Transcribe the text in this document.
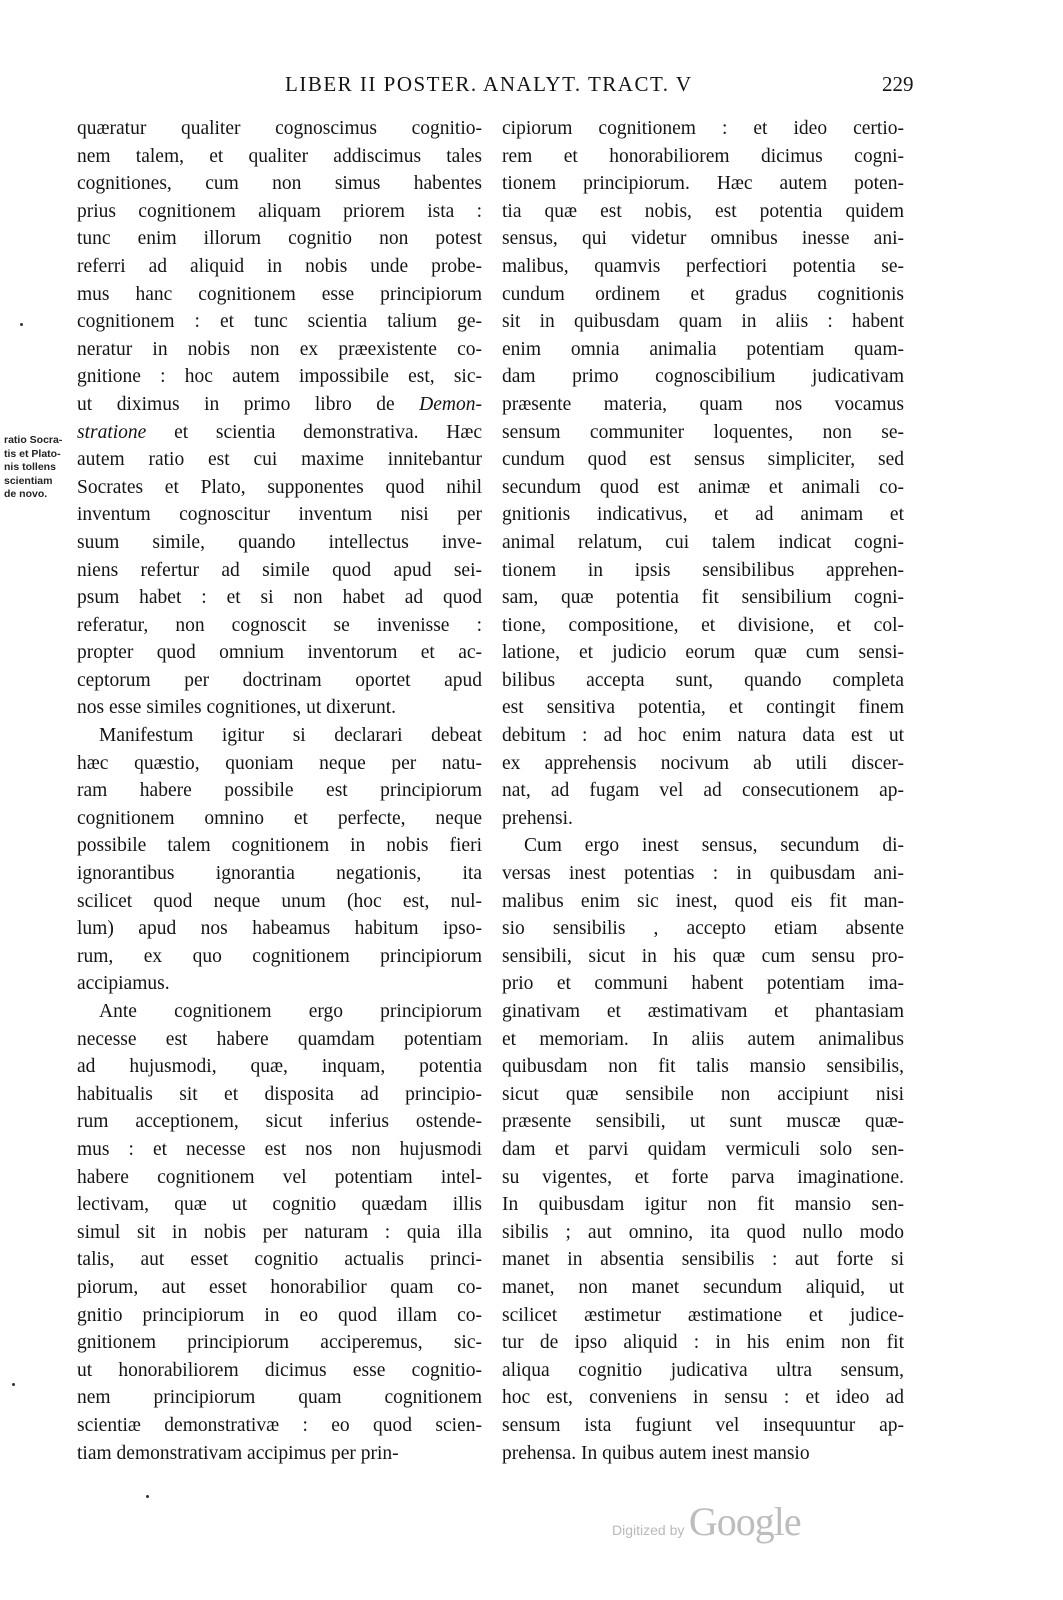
LIBER II POSTER. ANALYT. TRACT. V	229
ratio Socra-
tis et Plato-
nis tollens
scientiam
de novo.
quæratur qualiter cognoscimus cognitio-
nem talem, et qualiter addiscimus tales
cognitiones, cum non simus habentes
prius cognitionem aliquam priorem ista :
tunc enim illorum cognitio non potest
referri ad aliquid in nobis unde probe-
mus hanc cognitionem esse principiorum
cognitionem : et tunc scientia talium ge-
neratur in nobis non ex præexistente co-
gnitione : hoc autem impossibile est, sic-
ut diximus in primo libro de Demon-
stratione et scientia demonstrativa. Hæc
autem ratio est cui maxime innitebantur
Socrates et Plato, supponentes quod nihil
inventum cognoscitur inventum nisi per
suum simile, quando intellectus inve-
niens refertur ad simile quod apud sei-
psum habet : et si non habet ad quod
referatur, non cognoscit se invenisse :
propter quod omnium inventorum et ac-
ceptorum per doctrinam oportet apud
nos esse similes cognitiones, ut dixerunt.
Manifestum igitur si declarari debeat
hæc quæstio, quoniam neque per natu-
ram habere possibile est principiorum
cognitionem omnino et perfecte, neque
possibile talem cognitionem in nobis fieri
ignorantibus ignorantia negationis, ita
scilicet quod neque unum (hoc est, nul-
lum) apud nos habeamus habitum ipso-
rum, ex quo cognitionem principiorum
accipiamus.
Ante cognitionem ergo principiorum
necesse est habere quamdam potentiam
ad hujusmodi, quæ, inquam, potentia
habitualis sit et disposita ad principio-
rum acceptionem, sicut inferius ostende-
mus : et necesse est nos non hujusmodi
habere cognitionem vel potentiam intel-
lectivam, quæ ut cognitio quædam illis
simul sit in nobis per naturam : quia illa
talis, aut esset cognitio actualis princi-
piorum, aut esset honorabilior quam co-
gnitio principiorum in eo quod illam co-
gnitionem principiorum acciperemus, sic-
ut honorabiliorem dicimus esse cognitio-
nem principiorum quam cognitionem
scientiæ demonstrativæ : eo quod scien-
tiam demonstrativam accipimus per prin-
cipiorum cognitionem : et ideo certio-
rem et honorabiliorem dicimus cogni-
tionem principiorum. Hæc autem poten-
tia quæ est nobis, est potentia quidem
sensus, qui videtur omnibus inesse ani-
malibus, quamvis perfectiori potentia se-
cundum ordinem et gradus cognitionis
sit in quibusdam quam in aliis : habent
enim omnia animalia potentiam quam-
dam primo cognoscibilium judicativam
præsente materia, quam nos vocamus
sensum communiter loquentes, non se-
cundum quod est sensus simpliciter, sed
secundum quod est animæ et animali co-
gnitionis indicativus, et ad animam et
animal relatum, cui talem indicat cogni-
tionem in ipsis sensibilibus apprehen-
sam, quæ potentia fit sensibilium cogni-
tione, compositione, et divisione, et col-
latione, et judicio eorum quæ cum sensi-
bilibus accepta sunt, quando completa
est sensitiva potentia, et contingit finem
debitum : ad hoc enim natura data est ut
ex apprehensis nocivum ab utili discer-
nat, ad fugam vel ad consecutionem ap-
prehensi.
Cum ergo inest sensus, secundum di-
versas inest potentias : in quibusdam ani-
malibus enim sic inest, quod eis fit man-
sio sensibilis , accepto etiam absente
sensibili, sicut in his quæ cum sensu pro-
prio et communi habent potentiam ima-
ginativam et æstimativam et phantasiam
et memoriam. In aliis autem animalibus
quibusdam non fit talis mansio sensibilis,
sicut quæ sensibile non accipiunt nisi
præsente sensibili, ut sunt muscæ quæ-
dam et parvi quidam vermiculi solo sen-
su vigentes, et forte parva imaginatione.
In quibusdam igitur non fit mansio sen-
sibilis ; aut omnino, ita quod nullo modo
manet in absentia sensibilis : aut forte si
manet, non manet secundum aliquid, ut
scilicet æstimetur æstimatione et judice-
tur de ipso aliquid : in his enim non fit
aliqua cognitio judicativa ultra sensum,
hoc est, conveniens in sensu : et ideo ad
sensum ista fugiunt vel insequuntur ap-
prehensa. In quibus autem inest mansio
Digitized by Google
